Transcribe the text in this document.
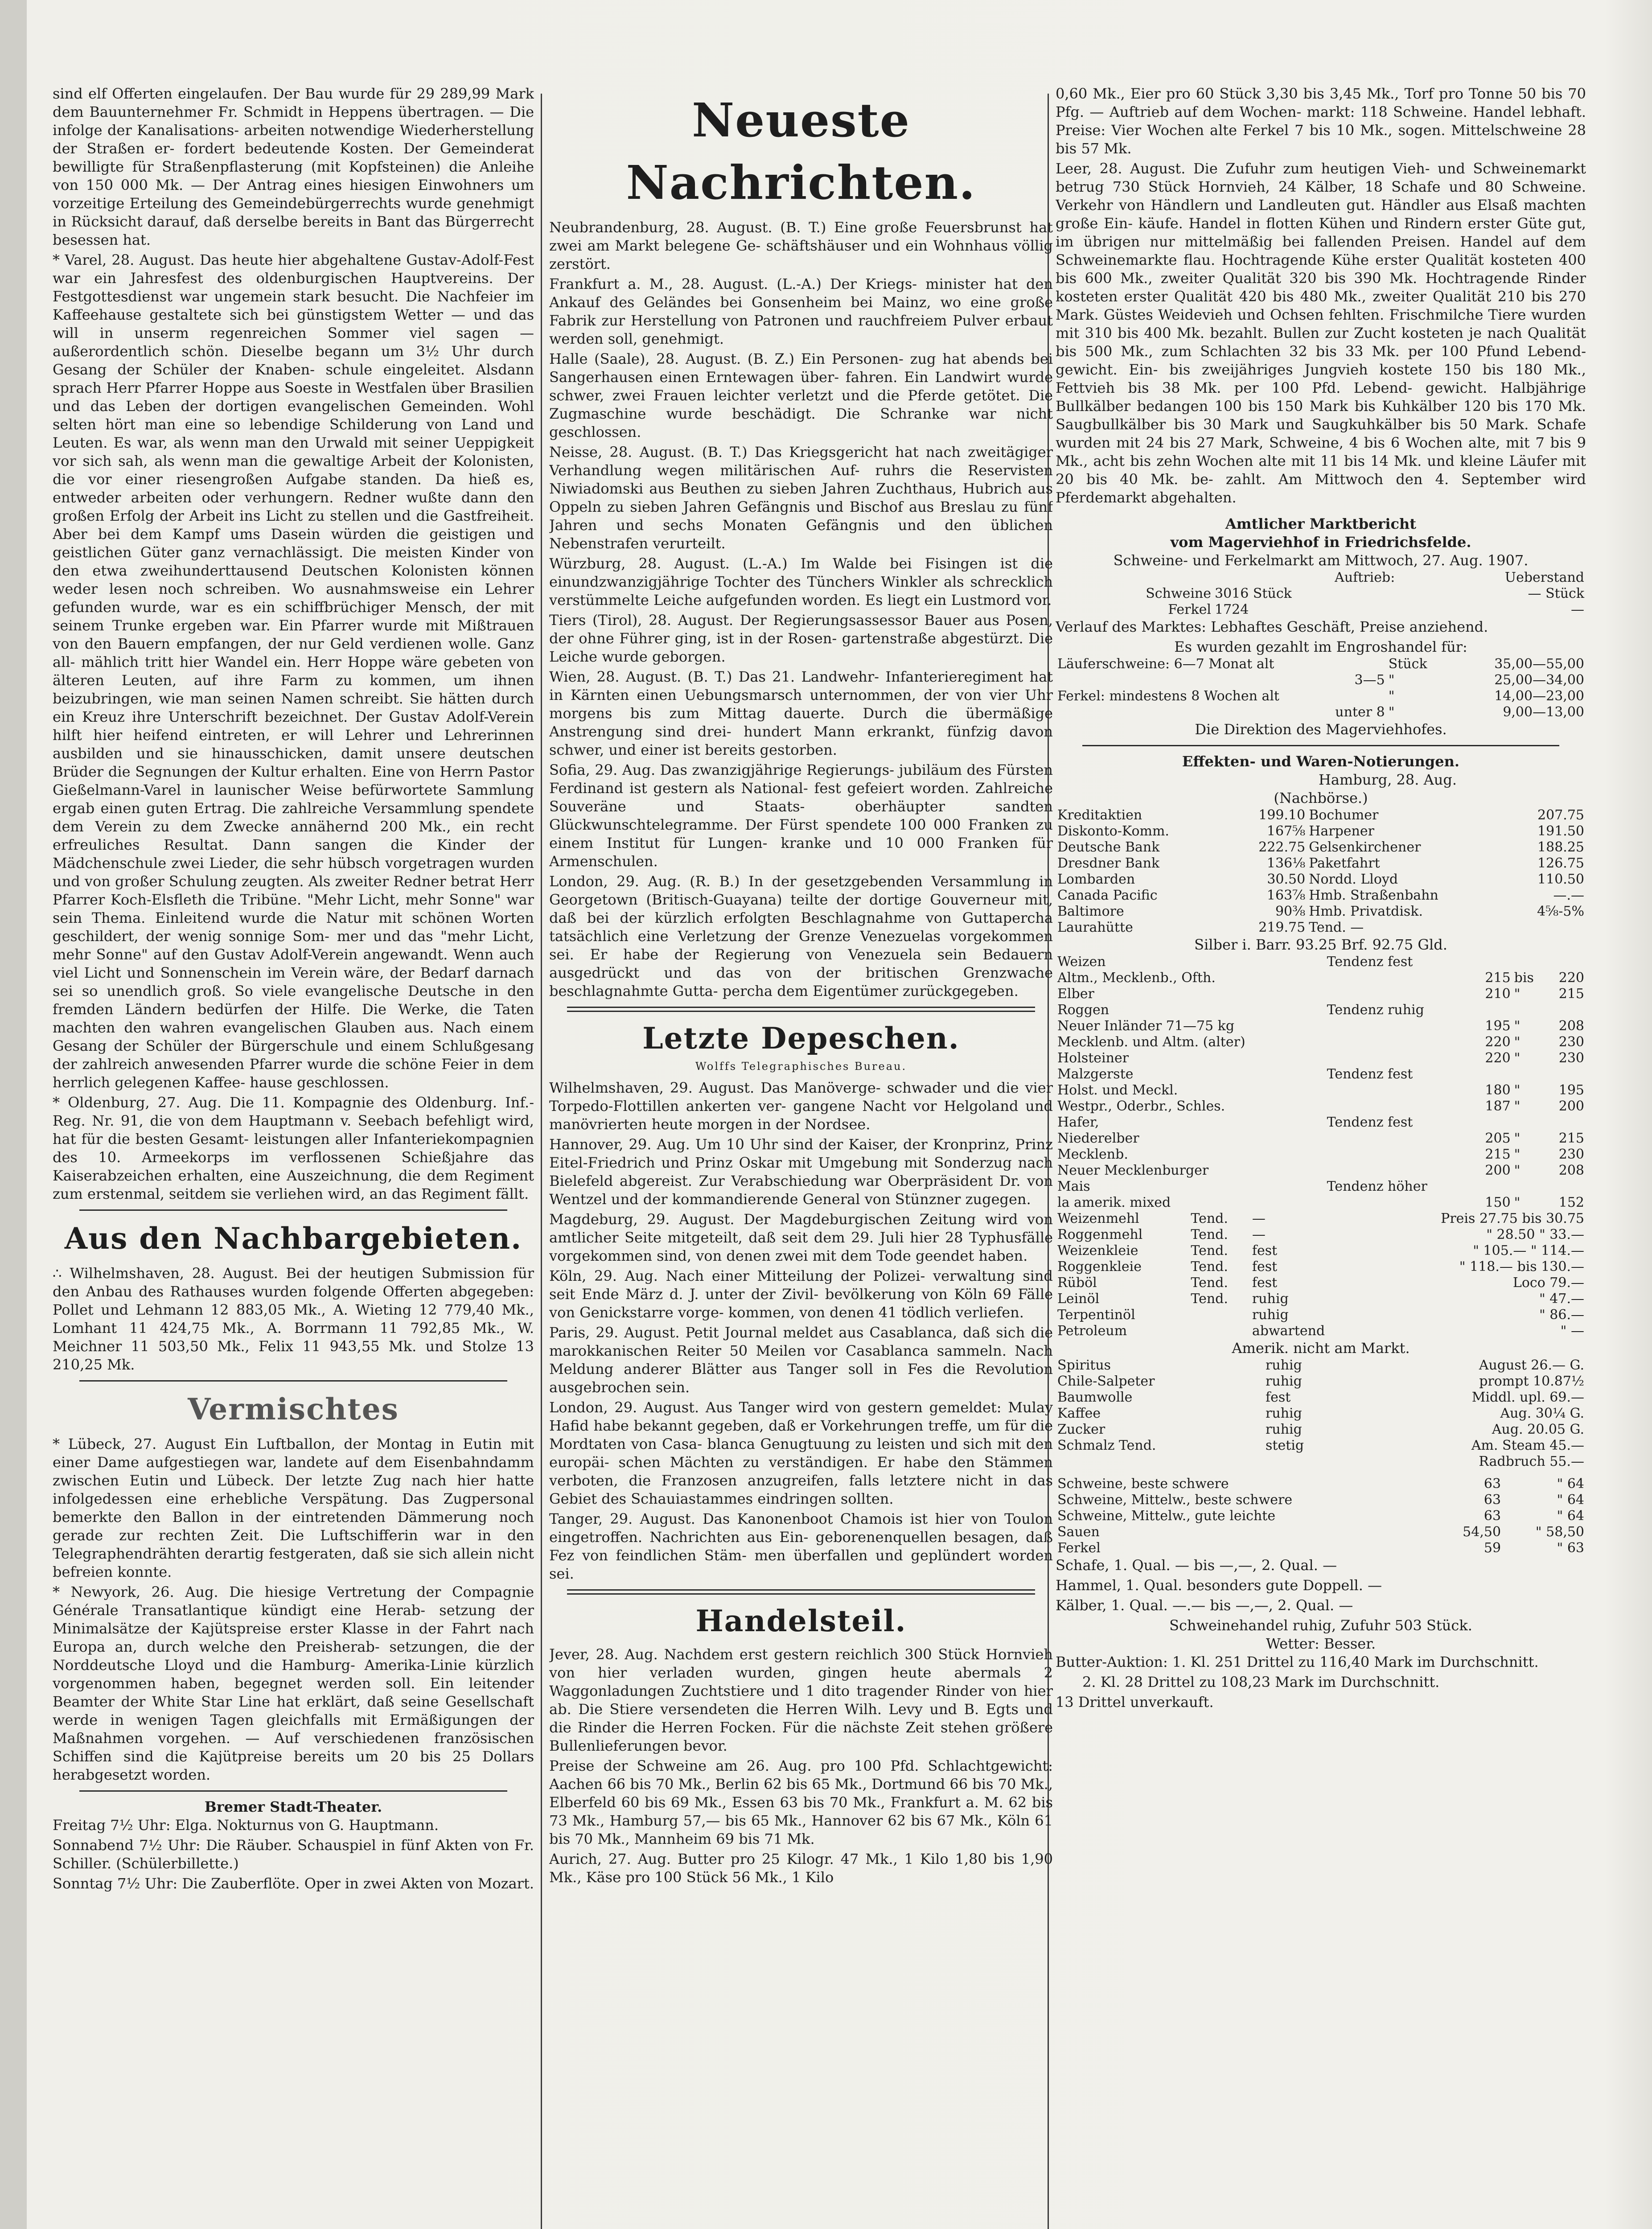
sind elf Offerten eingelaufen. Der Bau wurde für 29 289,99 Mark dem Bauunternehmer Fr. Schmidt in Heppens übertragen. — Die infolge der Kanalisations- arbeiten notwendige Wiederherstellung der Straßen er- fordert bedeutende Kosten. Der Gemeinderat bewilligte für Straßenpflasterung (mit Kopfsteinen) die Anleihe von 150 000 Mk. — Der Antrag eines hiesigen Einwohners um vorzeitige Erteilung des Gemeindebürgerrechts wurde genehmigt in Rücksicht darauf, daß derselbe bereits in Bant das Bürgerrecht besessen hat.

* Varel, 28. August. Das heute hier abgehaltene Gustav-Adolf-Fest war ein Jahresfest des oldenburgischen Hauptvereins. Der Festgottesdienst war ungemein stark besucht. Die Nachfeier im Kaffeehause gestaltete sich bei günstigstem Wetter — und das will in unserm regenreichen Sommer viel sagen — außerordentlich schön. Dieselbe begann um 3½ Uhr durch Gesang der Schüler der Knaben- schule eingeleitet. Alsdann sprach Herr Pfarrer Hoppe aus Soeste in Westfalen über Brasilien und das Leben der dortigen evangelischen Gemeinden. Wohl selten hört man eine so lebendige Schilderung von Land und Leuten. Es war, als wenn man den Urwald mit seiner Ueppigkeit vor sich sah, als wenn man die gewaltige Arbeit der Kolonisten, die vor einer riesengroßen Aufgabe standen. Da hieß es, entweder arbeiten oder verhungern. Redner wußte dann den großen Erfolg der Arbeit ins Licht zu stellen und die Gastfreiheit. Aber bei dem Kampf ums Dasein würden die geistigen und geistlichen Güter ganz vernachlässigt. Die meisten Kinder von den etwa zweihunderttausend Deutschen Kolonisten können weder lesen noch schreiben. Wo ausnahmsweise ein Lehrer gefunden wurde, war es ein schiffbrüchiger Mensch, der mit seinem Trunke ergeben war. Ein Pfarrer wurde mit Mißtrauen von den Bauern empfangen, der nur Geld verdienen wolle. Ganz all- mählich tritt hier Wandel ein. Herr Hoppe wäre gebeten von älteren Leuten, auf ihre Farm zu kommen, um ihnen beizubringen, wie man seinen Namen schreibt. Sie hätten durch ein Kreuz ihre Unterschrift bezeichnet. Der Gustav Adolf-Verein hilft hier heifend eintreten, er will Lehrer und Lehrerinnen ausbilden und sie hinausschicken, damit unsere deutschen Brüder die Segnungen der Kultur erhalten. Eine von Herrn Pastor Gießelmann-Varel in launischer Weise befürwortete Sammlung ergab einen guten Ertrag. Die zahlreiche Versammlung spendete dem Verein zu dem Zwecke annähernd 200 Mk., ein recht erfreuliches Resultat. Dann sangen die Kinder der Mädchenschule zwei Lieder, die sehr hübsch vorgetragen wurden und von großer Schulung zeugten. Als zweiter Redner betrat Herr Pfarrer Koch-Elsfleth die Tribüne. "Mehr Licht, mehr Sonne" war sein Thema. Einleitend wurde die Natur mit schönen Worten geschildert, der wenig sonnige Som- mer und das "mehr Licht, mehr Sonne" auf den Gustav Adolf-Verein angewandt. Wenn auch viel Licht und Sonnenschein im Verein wäre, der Bedarf darnach sei so unendlich groß. So viele evangelische Deutsche in den fremden Ländern bedürfen der Hilfe. Die Werke, die Taten machten den wahren evangelischen Glauben aus. Nach einem Gesang der Schüler der Bürgerschule und einem Schlußgesang der zahlreich anwesenden Pfarrer wurde die schöne Feier in dem herrlich gelegenen Kaffee- hause geschlossen.

* Oldenburg, 27. Aug. Die 11. Kompagnie des Oldenburg. Inf.-Reg. Nr. 91, die von dem Hauptmann v. Seebach befehligt wird, hat für die besten Gesamt- leistungen aller Infanteriekompagnien des 10. Armeekorps im verflossenen Schießjahre das Kaiserabzeichen erhalten, eine Auszeichnung, die dem Regiment zum erstenmal, seitdem sie verliehen wird, an das Regiment fällt.

Aus den Nachbargebieten.

∴ Wilhelmshaven, 28. August. Bei der heutigen Submission für den Anbau des Rathauses wurden folgende Offerten abgegeben: Pollet und Lehmann 12 883,05 Mk., A. Wieting 12 779,40 Mk., Lomhant 11 424,75 Mk., A. Borrmann 11 792,85 Mk., W. Meichner 11 503,50 Mk., Felix 11 943,55 Mk. und Stolze 13 210,25 Mk.

Vermischtes

* Lübeck, 27. August Ein Luftballon, der Montag in Eutin mit einer Dame aufgestiegen war, landete auf dem Eisenbahndamm zwischen Eutin und Lübeck. Der letzte Zug nach hier hatte infolgedessen eine erhebliche Verspätung. Das Zugpersonal bemerkte den Ballon in der eintretenden Dämmerung noch gerade zur rechten Zeit. Die Luftschifferin war in den Telegraphendrähten derartig festgeraten, daß sie sich allein nicht befreien konnte.

* Newyork, 26. Aug. Die hiesige Vertretung der Compagnie Générale Transatlantique kündigt eine Herab- setzung der Minimalsätze der Kajütspreise erster Klasse in der Fahrt nach Europa an, durch welche den Preisherab- setzungen, die der Norddeutsche Lloyd und die Hamburg- Amerika-Linie kürzlich vorgenommen haben, begegnet werden soll. Ein leitender Beamter der White Star Line hat erklärt, daß seine Gesellschaft werde in wenigen Tagen gleichfalls mit Ermäßigungen der Maßnahmen vorgehen. — Auf verschiedenen französischen Schiffen sind die Kajütpreise bereits um 20 bis 25 Dollars herabgesetzt worden.

Bremer Stadt-Theater.

Freitag 7½ Uhr: Elga. Nokturnus von G. Hauptmann.

Sonnabend 7½ Uhr: Die Räuber. Schauspiel in fünf Akten von Fr. Schiller. (Schülerbillette.)

Sonntag 7½ Uhr: Die Zauberflöte. Oper in zwei Akten von Mozart.

Neueste Nachrichten.

Neubrandenburg, 28. August. (B. T.) Eine große Feuersbrunst hat zwei am Markt belegene Ge- schäftshäuser und ein Wohnhaus völlig zerstört.

Frankfurt a. M., 28. August. (L.-A.) Der Kriegs- minister hat den Ankauf des Geländes bei Gonsenheim bei Mainz, wo eine große Fabrik zur Herstellung von Patronen und rauchfreiem Pulver erbaut werden soll, genehmigt.

Halle (Saale), 28. August. (B. Z.) Ein Personen- zug hat abends bei Sangerhausen einen Erntewagen über- fahren. Ein Landwirt wurde schwer, zwei Frauen leichter verletzt und die Pferde getötet. Die Zugmaschine wurde beschädigt. Die Schranke war nicht geschlossen.

Neisse, 28. August. (B. T.) Das Kriegsgericht hat nach zweitägiger Verhandlung wegen militärischen Auf- ruhrs die Reservisten Niwiadomski aus Beuthen zu sieben Jahren Zuchthaus, Hubrich aus Oppeln zu sieben Jahren Gefängnis und Bischof aus Breslau zu fünf Jahren und sechs Monaten Gefängnis und den üblichen Nebenstrafen verurteilt.

Würzburg, 28. August. (L.-A.) Im Walde bei Fisingen ist die einundzwanzigjährige Tochter des Tünchers Winkler als schrecklich verstümmelte Leiche aufgefunden worden. Es liegt ein Lustmord vor.

Tiers (Tirol), 28. August. Der Regierungsassessor Bauer aus Posen, der ohne Führer ging, ist in der Rosen- gartenstraße abgestürzt. Die Leiche wurde geborgen.

Wien, 28. August. (B. T.) Das 21. Landwehr- Infanterieregiment hat in Kärnten einen Uebungsmarsch unternommen, der von vier Uhr morgens bis zum Mittag dauerte. Durch die übermäßige Anstrengung sind drei- hundert Mann erkrankt, fünfzig davon schwer, und einer ist bereits gestorben.

Sofia, 29. Aug. Das zwanzigjährige Regierungs- jubiläum des Fürsten Ferdinand ist gestern als National- fest gefeiert worden. Zahlreiche Souveräne und Staats- oberhäupter sandten Glückwunschtelegramme. Der Fürst spendete 100 000 Franken zu einem Institut für Lungen- kranke und 10 000 Franken für Armenschulen.

London, 29. Aug. (R. B.) In der gesetzgebenden Versammlung in Georgetown (Britisch-Guayana) teilte der dortige Gouverneur mit, daß bei der kürzlich erfolgten Beschlagnahme von Guttapercha tatsächlich eine Verletzung der Grenze Venezuelas vorgekommen sei. Er habe der Regierung von Venezuela sein Bedauern ausgedrückt und das von der britischen Grenzwache beschlagnahmte Gutta- percha dem Eigentümer zurückgegeben.

Letzte Depeschen.
Wolffs Telegraphisches Bureau.

Wilhelmshaven, 29. August. Das Manöverge- schwader und die vier Torpedo-Flottillen ankerten ver- gangene Nacht vor Helgoland und manövrierten heute morgen in der Nordsee.

Hannover, 29. Aug. Um 10 Uhr sind der Kaiser, der Kronprinz, Prinz Eitel-Friedrich und Prinz Oskar mit Umgebung mit Sonderzug nach Bielefeld abgereist. Zur Verabschiedung war Oberpräsident Dr. von Wentzel und der kommandierende General von Stünzner zugegen.

Magdeburg, 29. August. Der Magdeburgischen Zeitung wird von amtlicher Seite mitgeteilt, daß seit dem 29. Juli hier 28 Typhusfälle vorgekommen sind, von denen zwei mit dem Tode geendet haben.

Köln, 29. Aug. Nach einer Mitteilung der Polizei- verwaltung sind seit Ende März d. J. unter der Zivil- bevölkerung von Köln 69 Fälle von Genickstarre vorge- kommen, von denen 41 tödlich verliefen.

Paris, 29. August. Petit Journal meldet aus Casablanca, daß sich die marokkanischen Reiter 50 Meilen vor Casablanca sammeln. Nach Meldung anderer Blätter aus Tanger soll in Fes die Revolution ausgebrochen sein.

London, 29. August. Aus Tanger wird von gestern gemeldet: Mulay Hafid habe bekannt gegeben, daß er Vorkehrungen treffe, um für die Mordtaten von Casa- blanca Genugtuung zu leisten und sich mit den europäi- schen Mächten zu verständigen. Er habe den Stämmen verboten, die Franzosen anzugreifen, falls letztere nicht in das Gebiet des Schauiastammes eindringen sollten.

Tanger, 29. August. Das Kanonenboot Chamois ist hier von Toulon eingetroffen. Nachrichten aus Ein- geborenenquellen besagen, daß Fez von feindlichen Stäm- men überfallen und geplündert worden sei.

Handelsteil.

Jever, 28. Aug. Nachdem erst gestern reichlich 300 Stück Hornvieh von hier verladen wurden, gingen heute abermals 2 Waggonladungen Zuchtstiere und 1 dito tragender Rinder von hier ab. Die Stiere versendeten die Herren Wilh. Levy und B. Egts und die Rinder die Herren Focken. Für die nächste Zeit stehen größere Bullenlieferungen bevor.

Preise der Schweine am 26. Aug. pro 100 Pfd. Schlachtgewicht: Aachen 66 bis 70 Mk., Berlin 62 bis 65 Mk., Dortmund 66 bis 70 Mk., Elberfeld 60 bis 69 Mk., Essen 63 bis 70 Mk., Frankfurt a. M. 62 bis 73 Mk., Hamburg 57,— bis 65 Mk., Hannover 62 bis 67 Mk., Köln 61 bis 70 Mk., Mannheim 69 bis 71 Mk.

Aurich, 27. Aug. Butter pro 25 Kilogr. 47 Mk., 1 Kilo 1,80 bis 1,90 Mk., Käse pro 100 Stück 56 Mk., 1 Kilo

0,60 Mk., Eier pro 60 Stück 3,30 bis 3,45 Mk., Torf pro Tonne 50 bis 70 Pfg. — Auftrieb auf dem Wochen- markt: 118 Schweine. Handel lebhaft. Preise: Vier Wochen alte Ferkel 7 bis 10 Mk., sogen. Mittelschweine 28 bis 57 Mk.

Leer, 28. August. Die Zufuhr zum heutigen Vieh- und Schweinemarkt betrug 730 Stück Hornvieh, 24 Kälber, 18 Schafe und 80 Schweine. Verkehr von Händlern und Landleuten gut. Händler aus Elsaß machten große Ein- käufe. Handel in flotten Kühen und Rindern erster Güte gut, im übrigen nur mittelmäßig bei fallenden Preisen. Handel auf dem Schweinemarkte flau. Hochtragende Kühe erster Qualität kosteten 400 bis 600 Mk., zweiter Qualität 320 bis 390 Mk. Hochtragende Rinder kosteten erster Qualität 420 bis 480 Mk., zweiter Qualität 210 bis 270 Mark. Güstes Weidevieh und Ochsen fehlten. Frischmilche Tiere wurden mit 310 bis 400 Mk. bezahlt. Bullen zur Zucht kosteten je nach Qualität bis 500 Mk., zum Schlachten 32 bis 33 Mk. per 100 Pfund Lebend- gewicht. Ein- bis zweijähriges Jungvieh kostete 150 bis 180 Mk., Fettvieh bis 38 Mk. per 100 Pfd. Lebend- gewicht. Halbjährige Bullkälber bedangen 100 bis 150 Mark bis Kuhkälber 120 bis 170 Mk. Saugbullkälber bis 30 Mark und Saugkuhkälber bis 50 Mark. Schafe wurden mit 24 bis 27 Mark, Schweine, 4 bis 6 Wochen alte, mit 7 bis 9 Mk., acht bis zehn Wochen alte mit 11 bis 14 Mk. und kleine Läufer mit 20 bis 40 Mk. be- zahlt. Am Mittwoch den 4. September wird Pferdemarkt abgehalten.

Amtlicher Marktbericht
vom Magerviehhof in Friedrichsfelde.
Schweine- und Ferkelmarkt am Mittwoch, 27. Aug. 1907.
	Auftrieb:	Ueberstand
Schweine	3016 Stück	— Stück
Ferkel	1724	—

Verlauf des Marktes: Lebhaftes Geschäft, Preise anziehend.

Es wurden gezahlt im Engroshandel für:
Läuferschweine: 6—7 Monat alt	Stück	35,00—55,00
3—5	"	25,00—34,00
Ferkel: mindestens 8 Wochen alt	"	14,00—23,00
unter 8	"	9,00—13,00
Die Direktion des Magerviehhofes.
Effekten- und Waren-Notierungen.
Hamburg, 28. Aug.
(Nachbörse.)
Kreditaktien	199.10	Bochumer	207.75
Diskonto-Komm.	167⅝	Harpener	191.50
Deutsche Bank	222.75	Gelsenkirchener	188.25
Dresdner Bank	136⅛	Paketfahrt	126.75
Lombarden	30.50	Nordd. Lloyd	110.50
Canada Pacific	163⅞	Hmb. Straßenbahn	—.—
Baltimore	90⅜	Hmb. Privatdisk.	4⅝-5%
Laurahütte	219.75	Tend. —	
Silber i. Barr. 93.25 Brf. 92.75 Gld.
Weizen	Tendenz fest			
Altm., Mecklenb., Ofth.		215	bis	220
Elber		210	"	215
Roggen	Tendenz ruhig			
Neuer Inländer 71—75 kg		195	"	208
Mecklenb. und Altm. (alter)		220	"	230
Holsteiner		220	"	230
Malzgerste	Tendenz fest			
Holst. und Meckl.		180	"	195
Westpr., Oderbr., Schles.		187	"	200
Hafer,	Tendenz fest			
Niederelber		205	"	215
Mecklenb.		215	"	230
Neuer Mecklenburger		200	"	208
Mais	Tendenz höher			
la amerik. mixed		150	"	152
Weizenmehl	Tend.	—	Preis 27.75 bis 30.75
Roggenmehl	Tend.	—	" 28.50 " 33.—
Weizenkleie	Tend.	fest	" 105.— " 114.—
Roggenkleie	Tend.	fest	" 118.— bis 130.—
Rüböl	Tend.	fest	Loco 79.—
Leinöl	Tend.	ruhig	" 47.—
Terpentinöl		ruhig	" 86.—
Petroleum		abwartend	" —
Amerik. nicht am Markt.
Spiritus	ruhig	August 26.— G.
Chile-Salpeter	ruhig	prompt 10.87½
Baumwolle	fest	Middl. upl. 69.—
Kaffee	ruhig	Aug. 30¼ G.
Zucker	ruhig	Aug. 20.05 G.
Schmalz Tend.	stetig	Am. Steam 45.—
		Radbruch 55.—
Schweine, beste schwere	63	" 64
Schweine, Mittelw., beste schwere	63	" 64
Schweine, Mittelw., gute leichte	63	" 64
Sauen	54,50	" 58,50
Ferkel	59	" 63

Schafe, 1. Qual. — bis —,—, 2. Qual. —

Hammel, 1. Qual. besonders gute Doppell. —

Kälber, 1. Qual. —.— bis —,—, 2. Qual. —

Schweinehandel ruhig, Zufuhr 503 Stück.
Wetter: Besser.

Butter-Auktion: 1. Kl. 251 Drittel zu 116,40 Mark im Durchschnitt.

2. Kl. 28 Drittel zu 108,23 Mark im Durchschnitt.

13 Drittel unverkauft.
